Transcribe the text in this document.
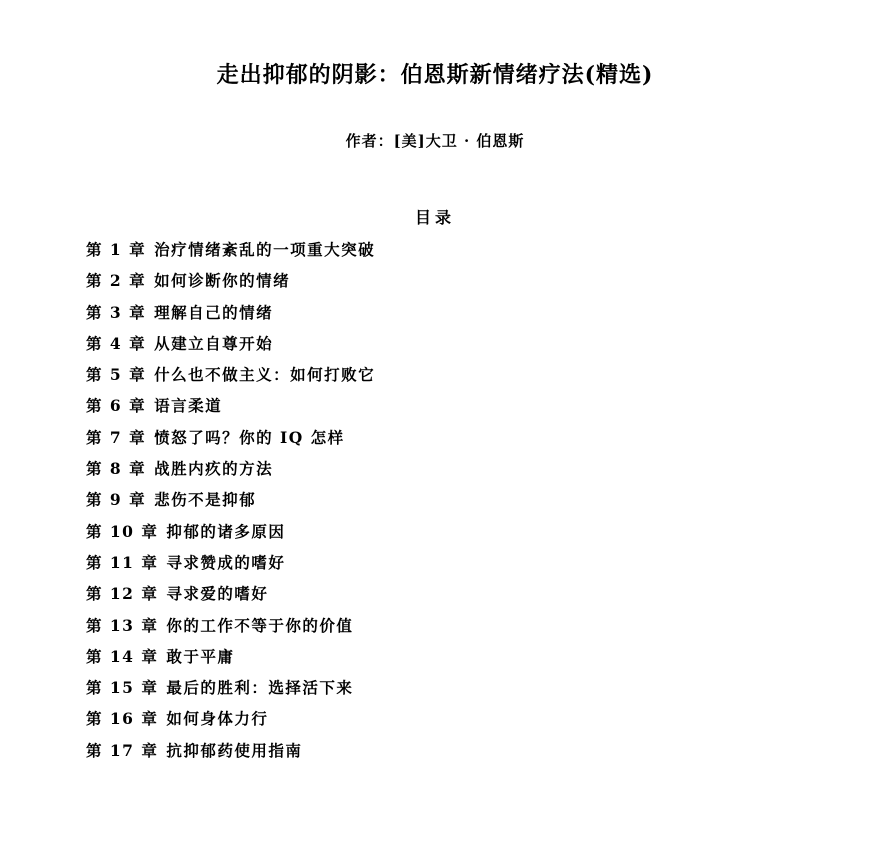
走出抑郁的阴影：伯恩斯新情绪疗法(精选)
作者：[美]大卫 · 伯恩斯
目录
第 1 章 治疗情绪紊乱的一项重大突破
第 2 章 如何诊断你的情绪
第 3 章 理解自己的情绪
第 4 章 从建立自尊开始
第 5 章 什么也不做主义：如何打败它
第 6 章 语言柔道
第 7 章 愤怒了吗？你的 IQ 怎样
第 8 章 战胜内疚的方法
第 9 章 悲伤不是抑郁
第 10 章 抑郁的诸多原因
第 11 章 寻求赞成的嗜好
第 12 章 寻求爱的嗜好
第 13 章 你的工作不等于你的价值
第 14 章 敢于平庸
第 15 章 最后的胜利：选择活下来
第 16 章 如何身体力行
第 17 章 抗抑郁药使用指南
